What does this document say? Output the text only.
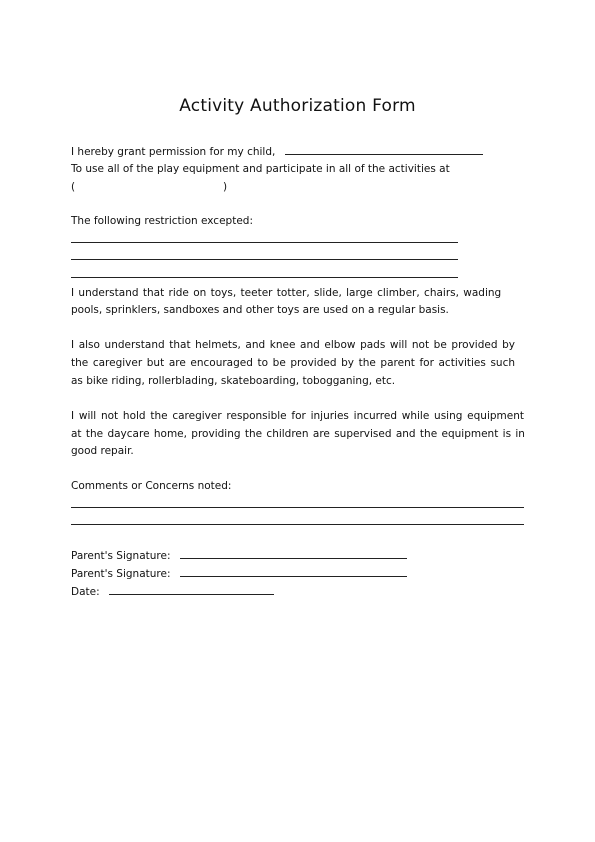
Activity Authorization Form
I hereby grant permission for my child,
To use all of the play equipment and participate in all of the activities at
(	)
The following restriction excepted:
I understand that ride on toys, teeter totter, slide, large climber, chairs, wading
pools, sprinklers, sandboxes and other toys are used on a regular basis.
I also understand that helmets, and knee and elbow pads will not be provided by
the caregiver but are encouraged to be provided by the parent for activities such
as bike riding, rollerblading, skateboarding, tobogganing, etc.
I will not hold the caregiver responsible for injuries incurred while using equipment
at the daycare home, providing the children are supervised and the equipment is in
good repair.
Comments or Concerns noted:
Parent's Signature:
Parent's Signature:
Date:
